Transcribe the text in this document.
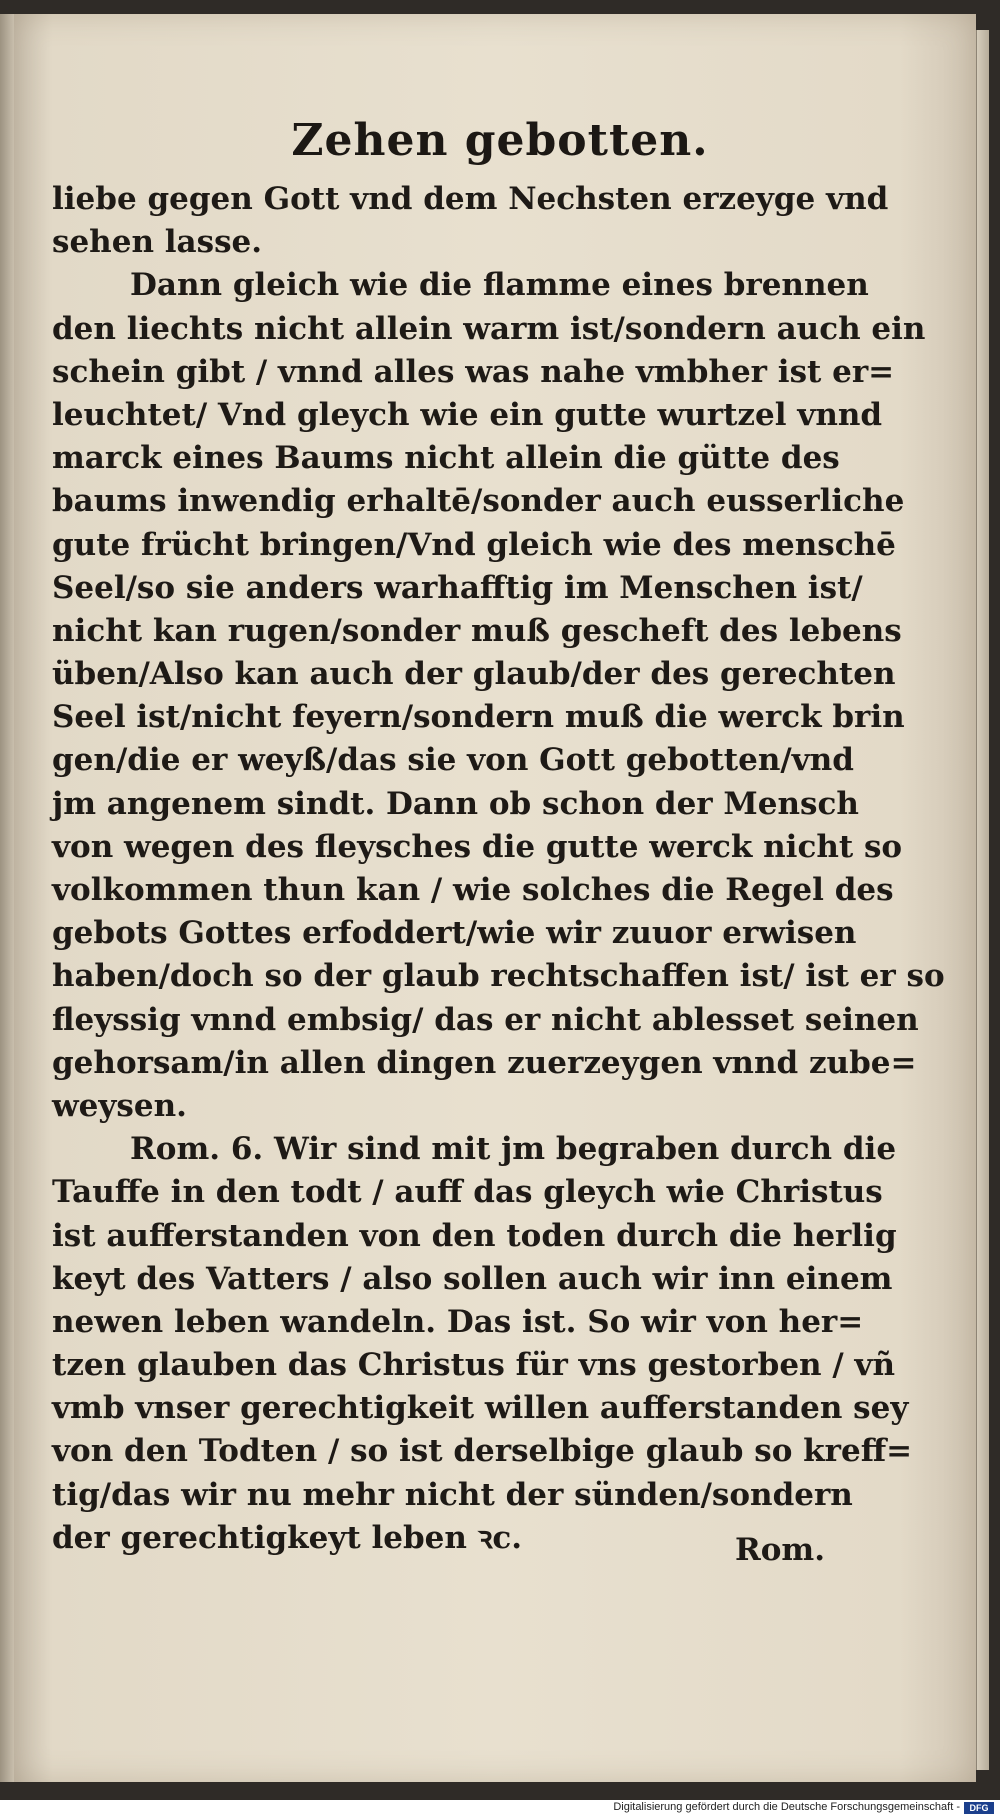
Zehen gebotten.
liebe gegen Gott vnd dem Nechsten erzeyge vnd
sehen lasse.
Dann gleich wie die flamme eines brennen
den liechts nicht allein warm ist/sondern auch ein
schein gibt / vnnd alles was nahe vmbher ist er=
leuchtet/ Vnd gleych wie ein gutte wurtzel vnnd
marck eines Baums nicht allein die gütte des
baums inwendig erhaltē/sonder auch eusserliche
gute frücht bringen/Vnd gleich wie des menschē
Seel/so sie anders warhafftig im Menschen ist/
nicht kan rugen/sonder muß gescheft des lebens
üben/Also kan auch der glaub/der des gerechten
Seel ist/nicht feyern/sondern muß die werck brin
gen/die er weyß/das sie von Gott gebotten/vnd
jm angenem sindt. Dann ob schon der Mensch
von wegen des fleysches die gutte werck nicht so
volkommen thun kan / wie solches die Regel des
gebots Gottes erfoddert/wie wir zuuor erwisen
haben/doch so der glaub rechtschaffen ist/ ist er so
fleyssig vnnd embsig/ das er nicht ablesset seinen
gehorsam/in allen dingen zuerzeygen vnnd zube=
weysen.
Rom. 6. Wir sind mit jm begraben durch die
Tauffe in den todt / auff das gleych wie Christus
ist aufferstanden von den toden durch die herlig
keyt des Vatters / also sollen auch wir inn einem
newen leben wandeln. Das ist. So wir von her=
tzen glauben das Christus für vns gestorben / vñ
vmb vnser gerechtigkeit willen aufferstanden sey
von den Todten / so ist derselbige glaub so kreff=
tig/das wir nu mehr nicht der sünden/sondern
der gerechtigkeyt leben ꝛc.	Rom.
Digitalisierung gefördert durch die Deutsche Forschungsgemeinschaft -	DFG
